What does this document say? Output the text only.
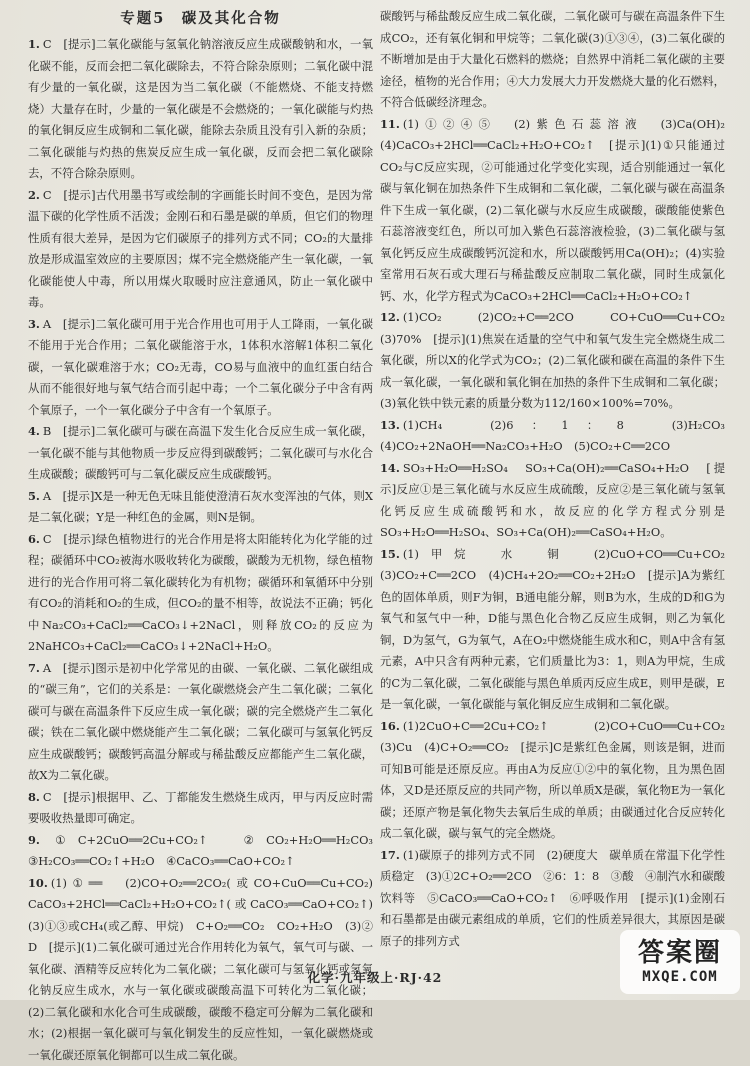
专题5　碳及其化合物

1. C　[提示]二氧化碳能与氢氧化钠溶液反应生成碳酸钠和水，一氧化碳不能，反而会把二氧化碳除去，不符合除杂原则；二氧化碳中混有少量的一氧化碳，这是因为当二氧化碳（不能燃烧、不能支持燃烧）大量存在时，少量的一氧化碳是不会燃烧的；一氧化碳能与灼热的氧化铜反应生成铜和二氧化碳，能除去杂质且没有引入新的杂质；二氧化碳能与灼热的焦炭反应生成一氧化碳，反而会把二氧化碳除去，不符合除杂原则。

2. C　[提示]古代用墨书写或绘制的字画能长时间不变色，是因为常温下碳的化学性质不活泼；金刚石和石墨是碳的单质，但它们的物理性质有很大差异，是因为它们碳原子的排列方式不同；CO₂的大量排放是形成温室效应的主要原因；煤不完全燃烧能产生一氧化碳，一氧化碳能使人中毒，所以用煤火取暖时应注意通风，防止一氧化碳中毒。

3. A　[提示]二氧化碳可用于光合作用也可用于人工降雨，一氧化碳不能用于光合作用；二氧化碳能溶于水，1体积水溶解1体积二氧化碳，一氧化碳难溶于水；CO₂无毒，CO易与血液中的血红蛋白结合从而不能很好地与氧气结合而引起中毒；一个二氧化碳分子中含有两个氧原子，一个一氧化碳分子中含有一个氧原子。

4. B　[提示]二氧化碳可与碳在高温下发生化合反应生成一氧化碳，一氧化碳不能与其他物质一步反应得到碳酸钙；二氧化碳可与水化合生成碳酸；碳酸钙可与二氧化碳反应生成碳酸钙。

5. A　[提示]X是一种无色无味且能使澄清石灰水变浑浊的气体，则X是二氧化碳；Y是一种红色的金属，则N是铜。

6. C　[提示]绿色植物进行的光合作用是将太阳能转化为化学能的过程；碳循环中CO₂被海水吸收转化为碳酸，碳酸为无机物，绿色植物进行的光合作用可将二氧化碳转化为有机物；碳循环和氧循环中分别有CO₂的消耗和O₂的生成，但CO₂的量不相等，故说法不正确；钙化中Na₂CO₃+CaCl₂══CaCO₃↓+2NaCl，则释放CO₂的反应为2NaHCO₃+CaCl₂══CaCO₃↓+2NaCl+H₂O。

7. A　[提示]图示是初中化学常见的由碳、一氧化碳、二氧化碳组成的“碳三角”，它们的关系是：一氧化碳燃烧会产生二氧化碳；二氧化碳可与碳在高温条件下反应生成一氧化碳；碳的完全燃烧产生二氧化碳；铁在二氧化碳中燃烧能产生二氧化碳；二氧化碳可与氢氧化钙反应生成碳酸钙；碳酸钙高温分解或与稀盐酸反应都能产生二氧化碳，故X为二氧化碳。

8. C　[提示]根据甲、乙、丁都能发生燃烧生成丙，甲与丙反应时需要吸收热量即可确定。

9. ①C+2CuO══2Cu+CO₂↑　②CO₂+H₂O══H₂CO₃　③H₂CO₃══CO₂↑+H₂O　④CaCO₃══CaO+CO₂↑

10. (1)①══　(2)CO+O₂══2CO₂(或CO+CuO══Cu+CO₂)　CaCO₃+2HCl══CaCl₂+H₂O+CO₂↑(或CaCO₃══CaO+CO₂↑)　(3)①③或CH₄(或乙醇、甲烷)　C+O₂══CO₂　CO₂+H₂O　(3)②　D　[提示](1)二氧化碳可通过光合作用转化为氧气，氧气可与碳、一氧化碳、酒精等反应转化为二氧化碳；二氧化碳可与氢氧化钙或氢氧化钠反应生成水，水与一氧化碳或碳酸高温下可转化为二氧化碳；(2)二氧化碳和水化合可生成碳酸，碳酸不稳定可分解为二氧化碳和水；(2)根据一氧化碳可与氧化铜发生的反应性知，一氧化碳燃烧或一氧化碳还原氧化铜都可以生成二氧化碳。

碳酸钙与稀盐酸反应生成二氧化碳，二氧化碳可与碳在高温条件下生成CO₂，还有氧化铜和甲烷等；二氧化碳(3)①③④，(3)二氧化碳的不断增加是由于大量化石燃料的燃烧；自然界中消耗二氧化碳的主要途径，植物的光合作用；④大力发展大力开发燃烧大量的化石燃料，不符合低碳经济理念。

11. (1)①②④⑤　(2)紫色石蕊溶液　(3)Ca(OH)₂　(4)CaCO₃+2HCl══CaCl₂+H₂O+CO₂↑　[提示](1)①只能通过CO₂与C反应实现，②可能通过化学变化实现，适合别能通过一氧化碳与氧化铜在加热条件下生成铜和二氧化碳，二氧化碳与碳在高温条件下生成一氧化碳，(2)二氧化碳与水反应生成碳酸，碳酸能使紫色石蕊溶液变红色，所以可加入紫色石蕊溶液检验，(3)二氧化碳与氢氧化钙反应生成碳酸钙沉淀和水，所以碳酸钙用Ca(OH)₂；(4)实验室常用石灰石或大理石与稀盐酸反应制取二氧化碳，同时生成氯化钙、水，化学方程式为CaCO₃+2HCl══CaCl₂+H₂O+CO₂↑

12. (1)CO₂　(2)CO₂+C══2CO　CO+CuO══Cu+CO₂　(3)70%　[提示](1)焦炭在适量的空气中和氧气发生完全燃烧生成二氧化碳，所以X的化学式为CO₂；(2)二氧化碳和碳在高温的条件下生成一氧化碳，一氧化碳和氧化铜在加热的条件下生成铜和二氧化碳；(3)氧化铁中铁元素的质量分数为112/160×100%=70%。

13. (1)CH₄　(2)6：1：8　(3)H₂CO₃　(4)CO₂+2NaOH══Na₂CO₃+H₂O　(5)CO₂+C══2CO

14. SO₃+H₂O══H₂SO₄　SO₃+Ca(OH)₂══CaSO₄+H₂O　[提示]反应①是三氧化硫与水反应生成硫酸，反应②是三氧化硫与氢氧化钙反应生成硫酸钙和水，故反应的化学方程式分别是SO₃+H₂O══H₂SO₄、SO₃+Ca(OH)₂══CaSO₄+H₂O。

15. (1)甲烷　水　铜　(2)CuO+CO══Cu+CO₂　(3)CO₂+C══2CO　(4)CH₄+2O₂══CO₂+2H₂O　[提示]A为紫红色的固体单质，则F为铜，B通电能分解，则B为水，生成的D和G为氧气和氢气中一种，D能与黑色化合物乙反应生成铜，则乙为氧化铜，D为氢气，G为氧气，A在O₂中燃烧能生成水和C，则A中含有氢元素，A中只含有两种元素，它们质量比为3：1，则A为甲烷，生成的C为二氧化碳，二氧化碳能与黑色单质丙反应生成E，则甲是碳，E是一氧化碳，一氧化碳能与氧化铜反应生成铜和二氧化碳。

16. (1)2CuO+C══2Cu+CO₂↑　(2)CO+CuO══Cu+CO₂　(3)Cu　(4)C+O₂══CO₂　[提示]C是紫红色金属，则该是铜，进而可知B可能是还原反应。再由A为反应①②中的氧化物，且为黑色固体，又D是还原反应的共同产物，所以单质X是碳，氧化物E为一氧化碳；还原产物是氧化物失去氧后生成的单质；由碳通过化合反应转化成二氧化碳，碳与氧气的完全燃烧。

17. (1)碳原子的排列方式不同　(2)硬度大　碳单质在常温下化学性质稳定　(3)①2C+O₂══2CO　②6：1：8　③酸　④制汽水和碳酸饮料等　⑤CaCO₃══CaO+CO₂↑　⑥呼吸作用　[提示](1)金刚石和石墨都是由碳元素组成的单质，它们的性质差异很大，其原因是碳原子的排列方式

化学·九年级上·RJ·42
答案圈
MXQE.COM
